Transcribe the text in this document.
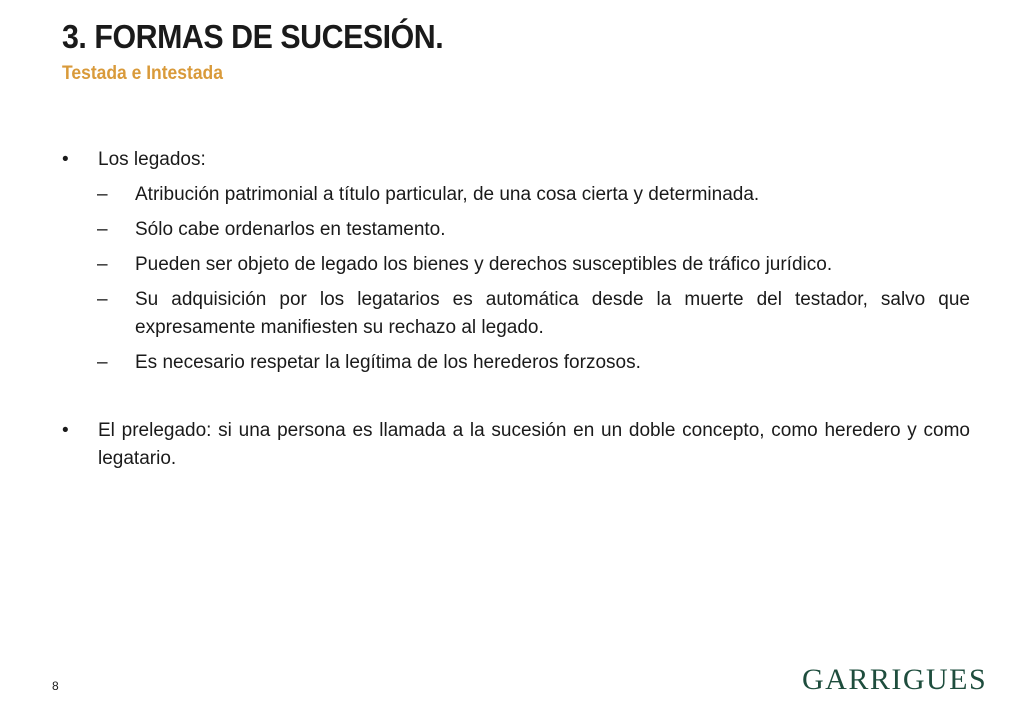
3. FORMAS DE SUCESIÓN.
Testada e Intestada
•	Los legados:
–	Atribución patrimonial a título particular, de una cosa cierta y determinada.
–	Sólo cabe ordenarlos en testamento.
–	Pueden ser objeto de legado los bienes y derechos susceptibles de tráfico jurídico.
–	Su adquisición por los legatarios es automática desde la muerte del testador, salvo que expresamente manifiesten su rechazo al legado.
–	Es necesario respetar la legítima de los herederos forzosos.
•	El prelegado: si una persona es llamada a la sucesión en un doble concepto, como heredero y como legatario.
8	GARRIGUES
